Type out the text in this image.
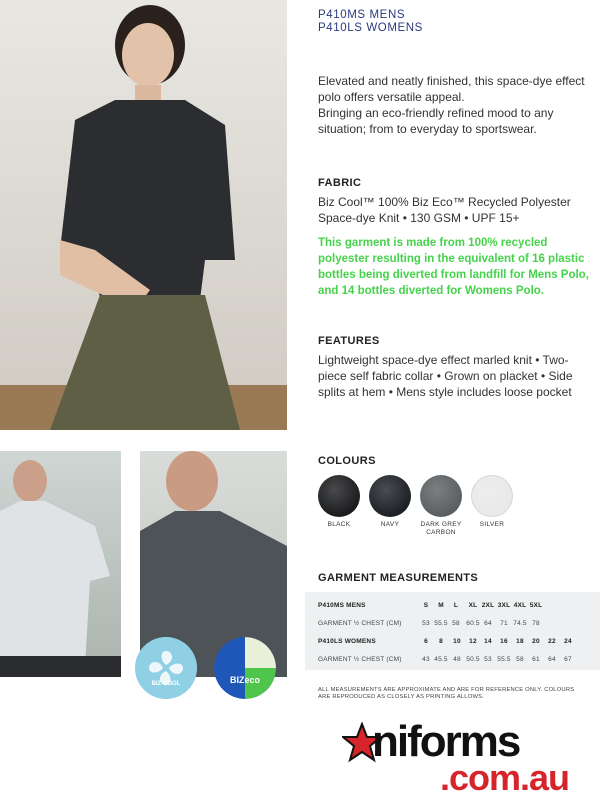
BIZ COOL	BIZeco
P410MS MENS
P410LS WOMENS

Elevated and neatly finished, this space-dye effect polo offers versatile appeal.

Bringing an eco-friendly refined mood to any situation; from to everyday to sportswear.

FABRIC
Biz Cool™ 100% Biz Eco™ Recycled Polyester Space-dye Knit • 130 GSM • UPF 15+
This garment is made from 100% recycled polyester resulting in the equivalent of 16 plastic bottles being diverted from landfill for Mens Polo, and 14 bottles diverted for Womens Polo.
FEATURES
Lightweight space-dye effect marled knit • Two-piece self fabric collar • Grown on placket • Side splits at hem • Mens style includes loose pocket
COLOURS
BLACK	NAVY	DARK GREY CARBON
SILVER
GARMENT MEASUREMENTS
P410MS MENS	S	M	L	XL 2XL 3XL 4XL 5XL
GARMENT ½ CHEST (CM)	53 55.5 58 60.5 64	71 74.5 78
P410LS WOMENS	6	8	10	12	14	16	18	20	22	24
GARMENT ½ CHEST (CM)	43 45.5 48 50.5 53 55.5 58	61	64	67
ALL MEASUREMENTS ARE APPROXIMATE AND ARE FOR REFERENCE ONLY. COLOURS ARE REPRODUCED AS CLOSELY AS PRINTING ALLOWS.
niforms
.com.au
